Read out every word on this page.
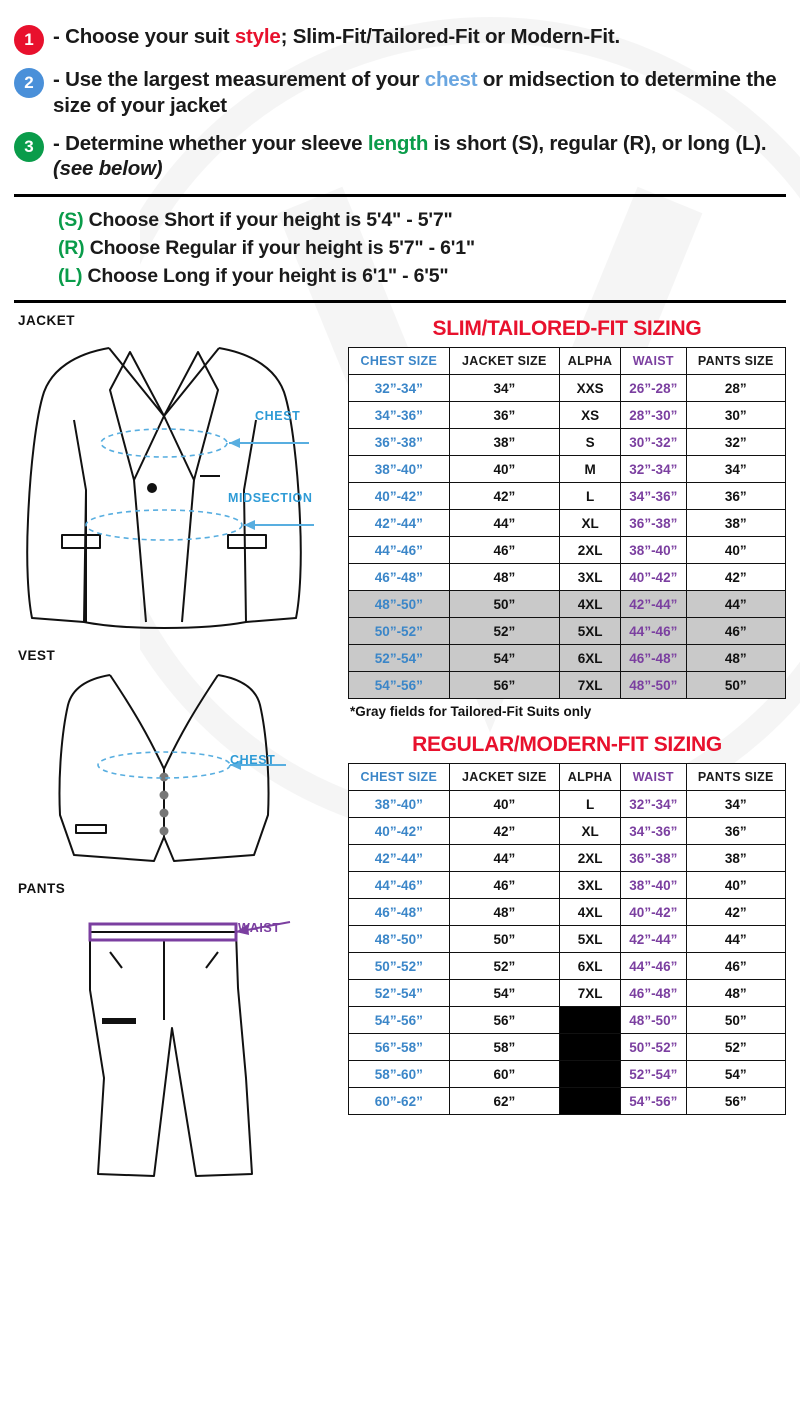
1 - Choose your suit style; Slim-Fit/Tailored-Fit or Modern-Fit.
2 - Use the largest measurement of your chest or midsection to determine the size of your jacket
3 - Determine whether your sleeve length is short (S), regular (R), or long (L). (see below)
(S) Choose Short if your height is 5'4" - 5'7"
(R) Choose Regular if your height is 5'7" - 6'1"
(L) Choose Long if your height is 6'1" - 6'5"
JACKET
CHEST
MIDSECTION
VEST
CHEST
PANTS
WAIST
SLIM/TAILORED-FIT SIZING
CHEST SIZE	JACKET SIZE	ALPHA	WAIST	PANTS SIZE
32”-34”	34”	XXS	26”-28”	28”
34”-36”	36”	XS	28”-30”	30”
36”-38”	38”	S	30”-32”	32”
38”-40”	40”	M	32”-34”	34”
40”-42”	42”	L	34”-36”	36”
42”-44”	44”	XL	36”-38”	38”
44”-46”	46”	2XL	38”-40”	40”
46”-48”	48”	3XL	40”-42”	42”
48”-50”	50”	4XL	42”-44”	44”
50”-52”	52”	5XL	44”-46”	46”
52”-54”	54”	6XL	46”-48”	48”
54”-56”	56”	7XL	48”-50”	50”
*Gray fields for Tailored-Fit Suits only
REGULAR/MODERN-FIT SIZING
CHEST SIZE	JACKET SIZE	ALPHA	WAIST	PANTS SIZE
38”-40”	40”	L	32”-34”	34”
40”-42”	42”	XL	34”-36”	36”
42”-44”	44”	2XL	36”-38”	38”
44”-46”	46”	3XL	38”-40”	40”
46”-48”	48”	4XL	40”-42”	42”
48”-50”	50”	5XL	42”-44”	44”
50”-52”	52”	6XL	44”-46”	46”
52”-54”	54”	7XL	46”-48”	48”
54”-56”	56”		48”-50”	50”
56”-58”	58”		50”-52”	52”
58”-60”	60”		52”-54”	54”
60”-62”	62”		54”-56”	56”
